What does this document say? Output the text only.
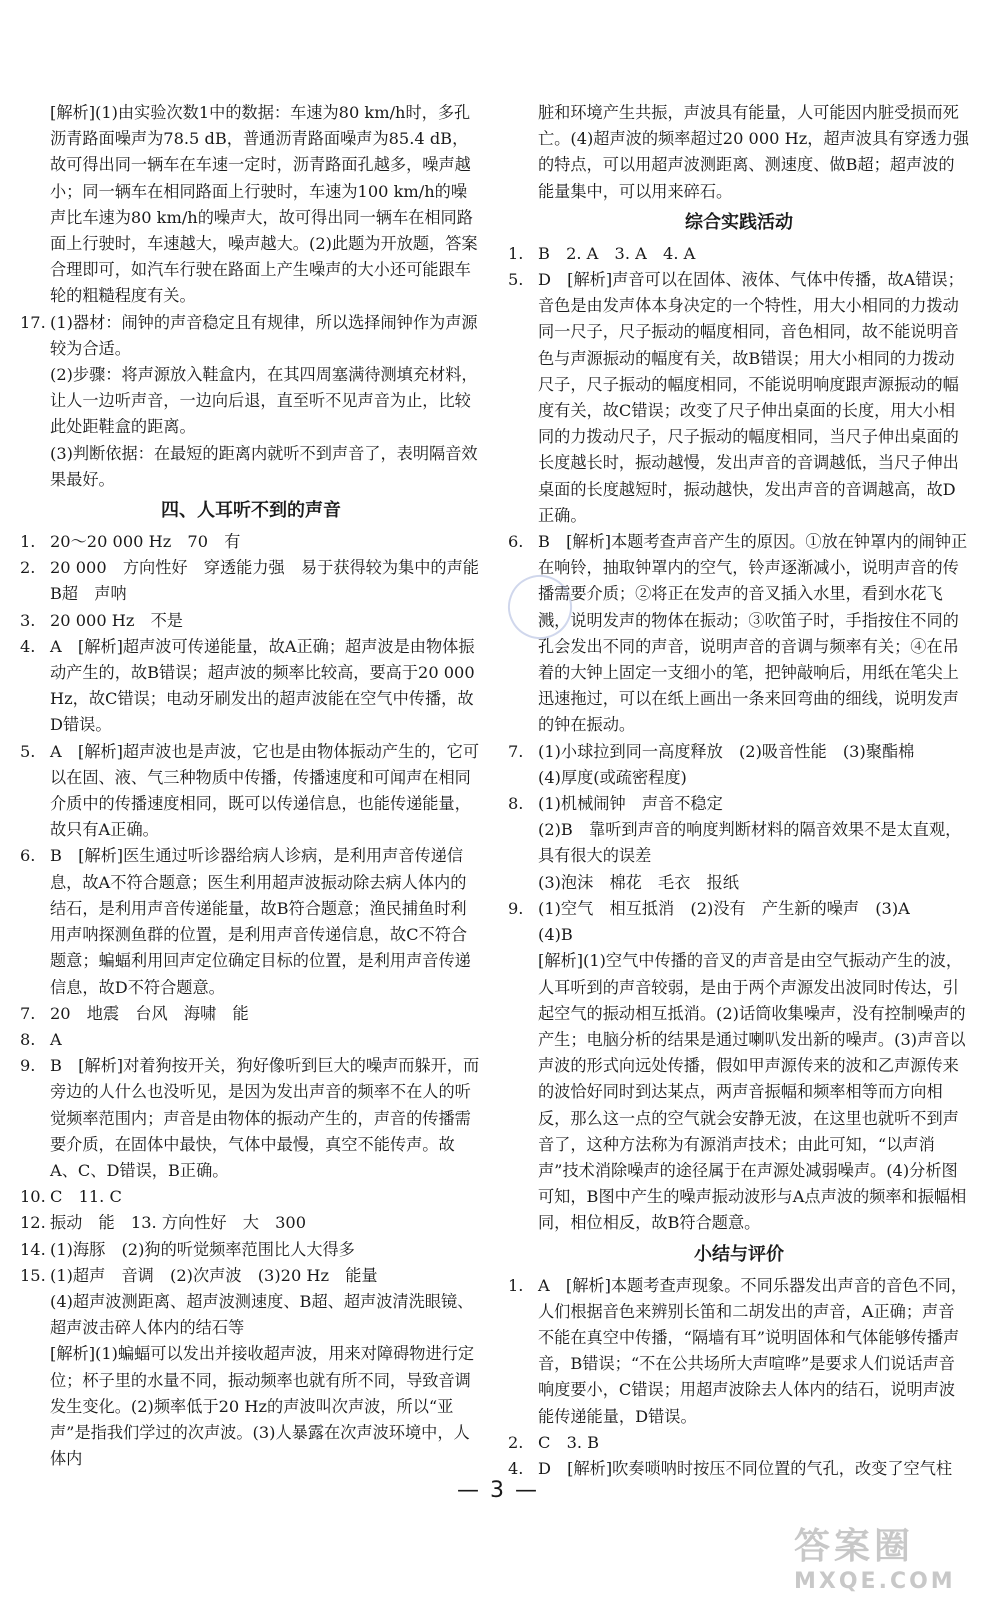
[解析](1)由实验次数1中的数据：车速为80 km/h时，多孔沥青路面噪声为78.5 dB，普通沥青路面噪声为85.4 dB，故可得出同一辆车在车速一定时，沥青路面孔越多，噪声越小；同一辆车在相同路面上行驶时，车速为100 km/h的噪声比车速为80 km/h的噪声大，故可得出同一辆车在相同路面上行驶时，车速越大，噪声越大。(2)此题为开放题，答案合理即可，如汽车行驶在路面上产生噪声的大小还可能跟车轮的粗糙程度有关。

17. (1)器材：闹钟的声音稳定且有规律，所以选择闹钟作为声源较为合适。

(2)步骤：将声源放入鞋盒内，在其四周塞满待测填充材料，让人一边听声音，一边向后退，直至听不见声音为止，比较此处距鞋盒的距离。

(3)判断依据：在最短的距离内就听不到声音了，表明隔音效果最好。

四、人耳听不到的声音
1. 20～20 000 Hz　70　有

2. 20 000　方向性好　穿透能力强　易于获得较为集中的声能　B超　声呐

3. 20 000 Hz　不是

4. A　[解析]超声波可传递能量，故A正确；超声波是由物体振动产生的，故B错误；超声波的频率比较高，要高于20 000 Hz，故C错误；电动牙刷发出的超声波能在空气中传播，故D错误。

5. A　[解析]超声波也是声波，它也是由物体振动产生的，它可以在固、液、气三种物质中传播，传播速度和可闻声在相同介质中的传播速度相同，既可以传递信息，也能传递能量，故只有A正确。

6. B　[解析]医生通过听诊器给病人诊病，是利用声音传递信息，故A不符合题意；医生利用超声波振动除去病人体内的结石，是利用声音传递能量，故B符合题意；渔民捕鱼时利用声呐探测鱼群的位置，是利用声音传递信息，故C不符合题意；蝙蝠利用回声定位确定目标的位置，是利用声音传递信息，故D不符合题意。

7. 20　地震　台风　海啸　能

8. A

9. B　[解析]对着狗按开关，狗好像听到巨大的噪声而躲开，而旁边的人什么也没听见，是因为发出声音的频率不在人的听觉频率范围内；声音是由物体的振动产生的，声音的传播需要介质，在固体中最快，气体中最慢，真空不能传声。故A、C、D错误，B正确。

10. C　11. C

12. 振动　能　13. 方向性好　大　300

14. (1)海豚　(2)狗的听觉频率范围比人大得多

15. (1)超声　音调　(2)次声波　(3)20 Hz　能量

(4)超声波测距离、超声波测速度、B超、超声波清洗眼镜、超声波击碎人体内的结石等

[解析](1)蝙蝠可以发出并接收超声波，用来对障碍物进行定位；杯子里的水量不同，振动频率也就有所不同，导致音调发生变化。(2)频率低于20 Hz的声波叫次声波，所以“亚声”是指我们学过的次声波。(3)人暴露在次声波环境中，人体内

脏和环境产生共振，声波具有能量，人可能因内脏受损而死亡。(4)超声波的频率超过20 000 Hz，超声波具有穿透力强的特点，可以用超声波测距离、测速度、做B超；超声波的能量集中，可以用来碎石。

综合实践活动
1. B　2. A　3. A　4. A

5. D　[解析]声音可以在固体、液体、气体中传播，故A错误；音色是由发声体本身决定的一个特性，用大小相同的力拨动同一尺子，尺子振动的幅度相同，音色相同，故不能说明音色与声源振动的幅度有关，故B错误；用大小相同的力拨动尺子，尺子振动的幅度相同，不能说明响度跟声源振动的幅度有关，故C错误；改变了尺子伸出桌面的长度，用大小相同的力拨动尺子，尺子振动的幅度相同，当尺子伸出桌面的长度越长时，振动越慢，发出声音的音调越低，当尺子伸出桌面的长度越短时，振动越快，发出声音的音调越高，故D正确。

6. B　[解析]本题考查声音产生的原因。①放在钟罩内的闹钟正在响铃，抽取钟罩内的空气，铃声逐渐减小，说明声音的传播需要介质；②将正在发声的音叉插入水里，看到水花飞溅，说明发声的物体在振动；③吹笛子时，手指按住不同的孔会发出不同的声音，说明声音的音调与频率有关；④在吊着的大钟上固定一支细小的笔，把钟敲响后，用纸在笔尖上迅速拖过，可以在纸上画出一条来回弯曲的细线，说明发声的钟在振动。

7. (1)小球拉到同一高度释放　(2)吸音性能　(3)聚酯棉

(4)厚度(或疏密程度)

8. (1)机械闹钟　声音不稳定

(2)B　靠听到声音的响度判断材料的隔音效果不是太直观，具有很大的误差

(3)泡沫　棉花　毛衣　报纸

9. (1)空气　相互抵消　(2)没有　产生新的噪声　(3)A

(4)B

[解析](1)空气中传播的音叉的声音是由空气振动产生的波，人耳听到的声音较弱，是由于两个声源发出波同时传达，引起空气的振动相互抵消。(2)话筒收集噪声，没有控制噪声的产生；电脑分析的结果是通过喇叭发出新的噪声。(3)声音以声波的形式向远处传播，假如甲声源传来的波和乙声源传来的波恰好同时到达某点，两声音振幅和频率相等而方向相反，那么这一点的空气就会安静无波，在这里也就听不到声音了，这种方法称为有源消声技术；由此可知，“以声消声”技术消除噪声的途径属于在声源处减弱噪声。(4)分析图可知，B图中产生的噪声振动波形与A点声波的频率和振幅相同，相位相反，故B符合题意。

小结与评价
1. A　[解析]本题考查声现象。不同乐器发出声音的音色不同，人们根据音色来辨别长笛和二胡发出的声音，A正确；声音不能在真空中传播，“隔墙有耳”说明固体和气体能够传播声音，B错误；“不在公共场所大声喧哗”是要求人们说话声音响度要小，C错误；用超声波除去人体内的结石，说明声波能传递能量，D错误。

2. C　3. B

4. D　[解析]吹奏唢呐时按压不同位置的气孔，改变了空气柱

— 3 —
答案圈
MXQE.COM
